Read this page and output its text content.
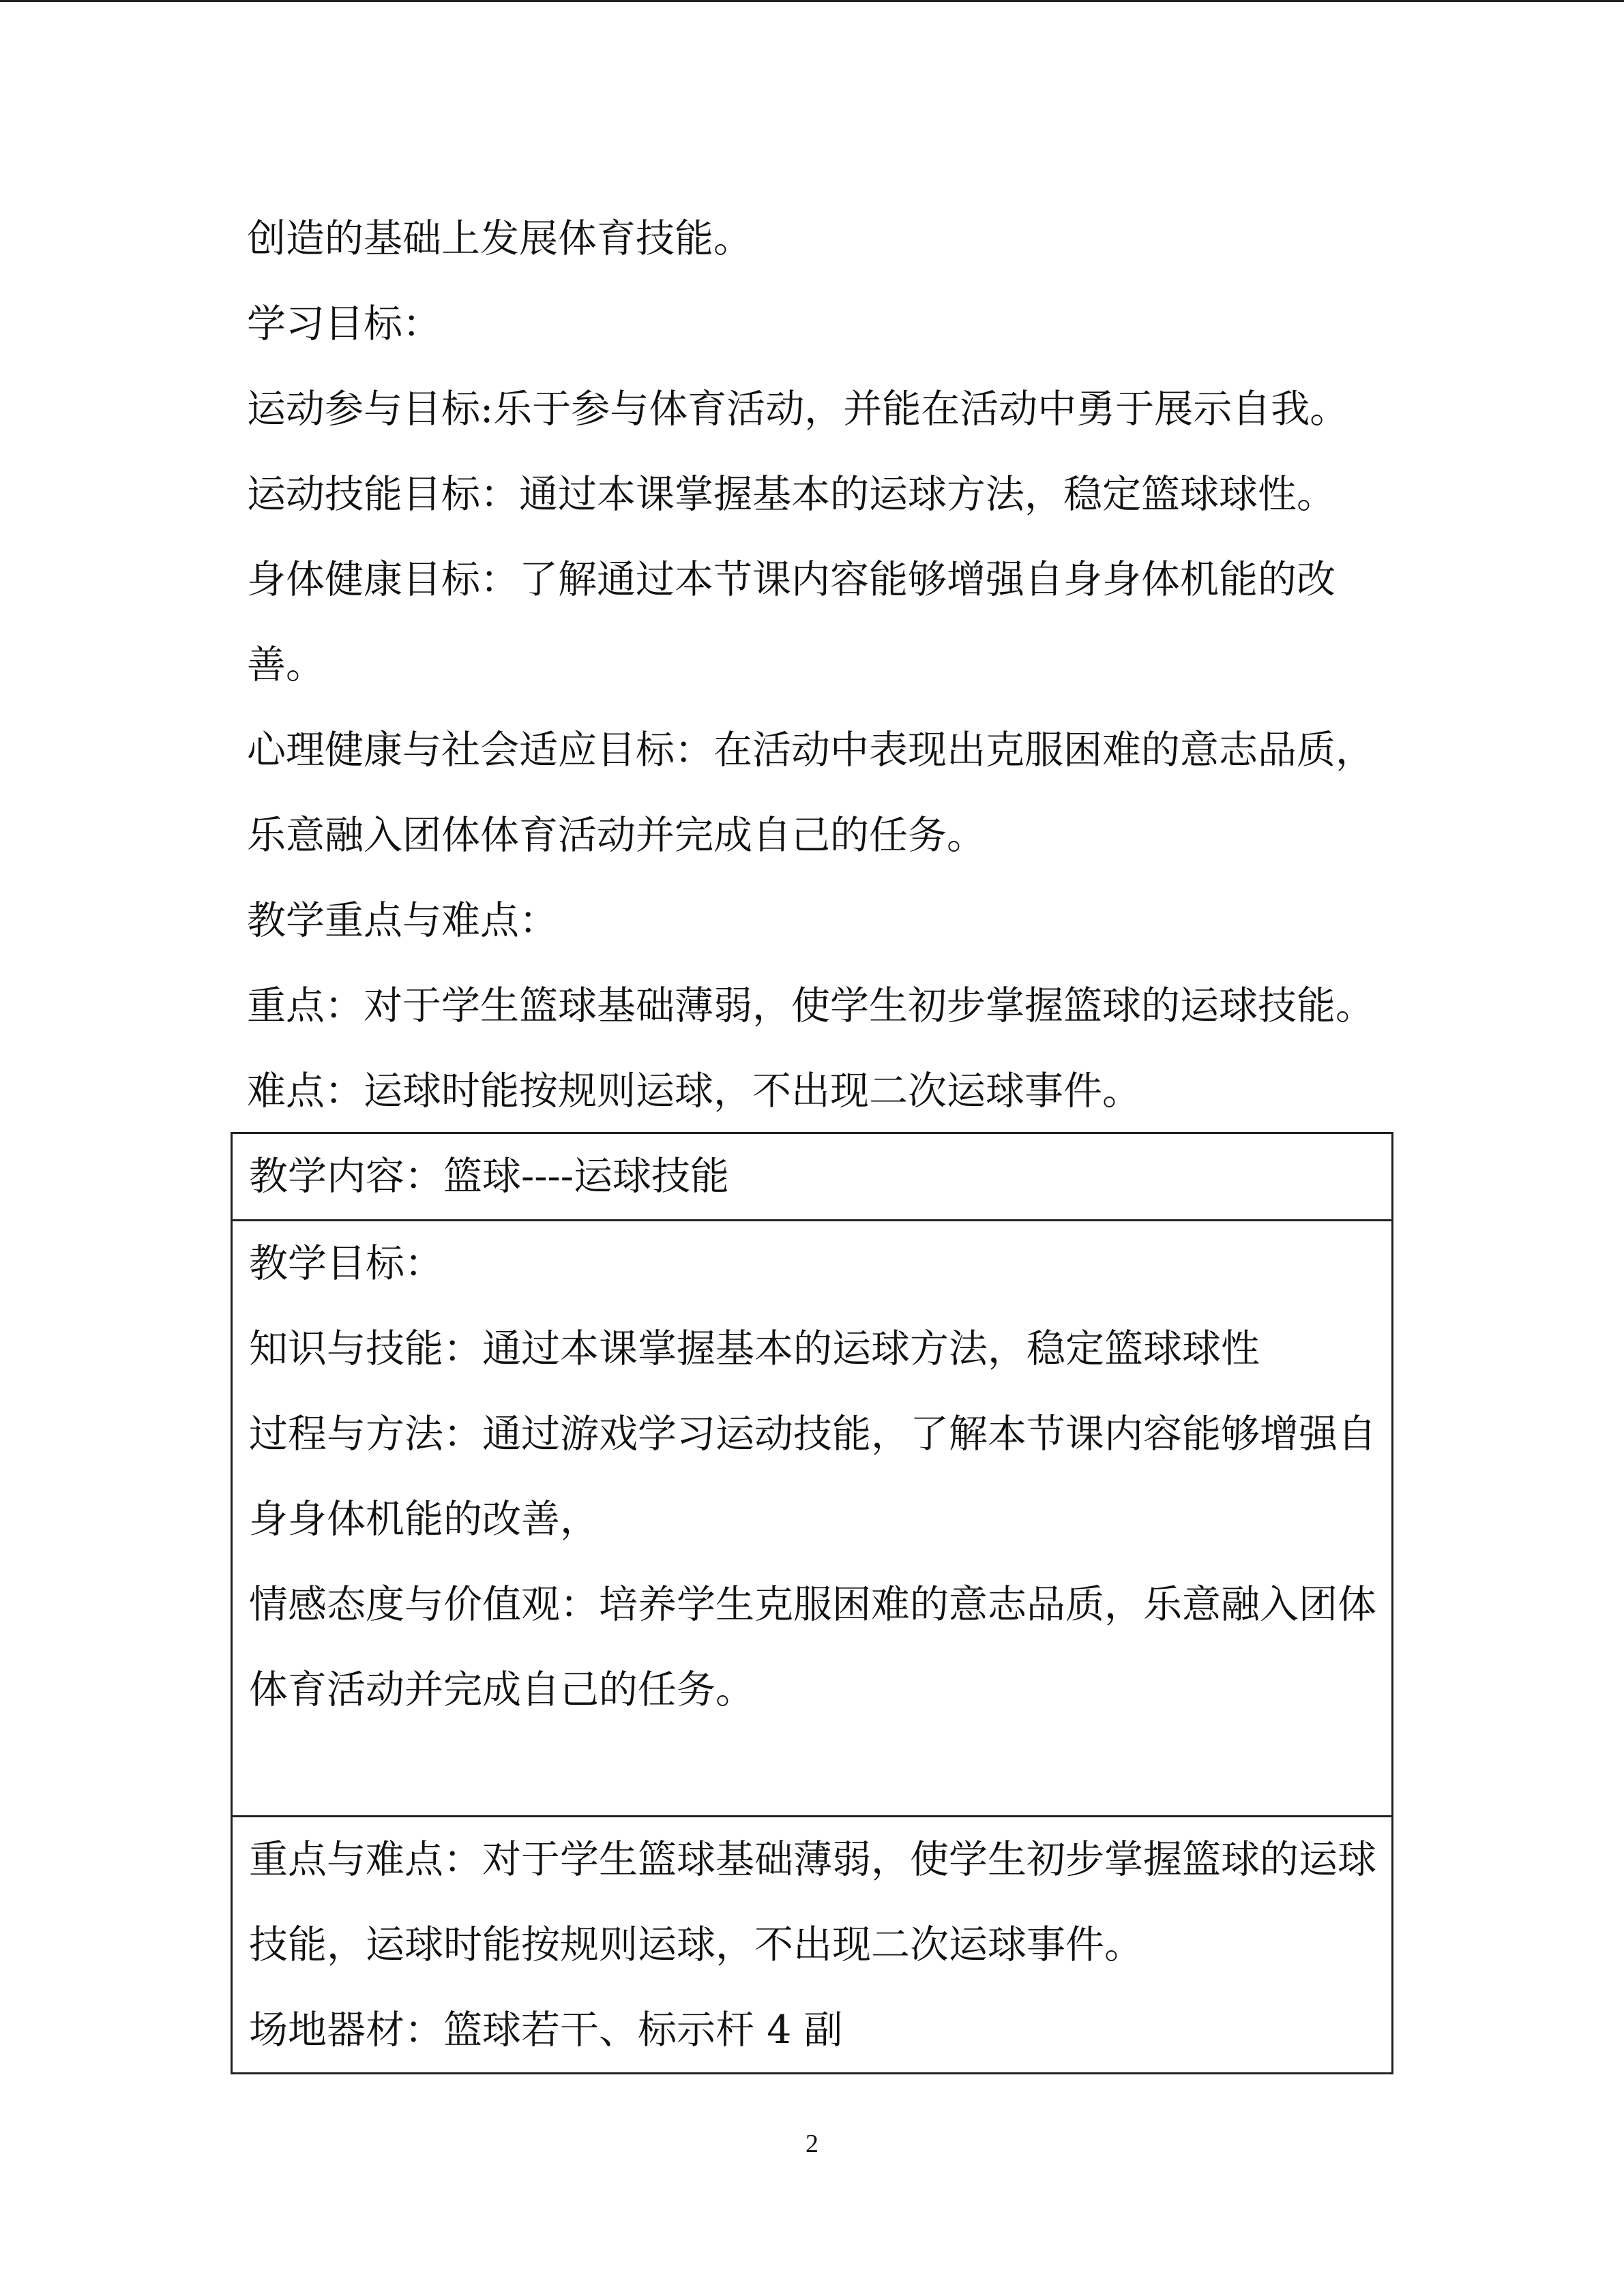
创造的基础上发展体育技能。
学习目标：
运动参与目标:乐于参与体育活动，并能在活动中勇于展示自我。
运动技能目标：通过本课掌握基本的运球方法，稳定篮球球性。
身体健康目标：了解通过本节课内容能够增强自身身体机能的改
善。
心理健康与社会适应目标：在活动中表现出克服困难的意志品质，
乐意融入团体体育活动并完成自己的任务。
教学重点与难点：
重点：对于学生篮球基础薄弱，使学生初步掌握篮球的运球技能。
难点：运球时能按规则运球，不出现二次运球事件。
教学内容：篮球----运球技能
教学目标：
知识与技能：通过本课掌握基本的运球方法，稳定篮球球性
过程与方法：通过游戏学习运动技能，了解本节课内容能够增强自
身身体机能的改善，
情感态度与价值观：培养学生克服困难的意志品质，乐意融入团体
体育活动并完成自己的任务。
重点与难点：对于学生篮球基础薄弱，使学生初步掌握篮球的运球
技能，运球时能按规则运球，不出现二次运球事件。
场地器材：篮球若干、标示杆 4 副
2
